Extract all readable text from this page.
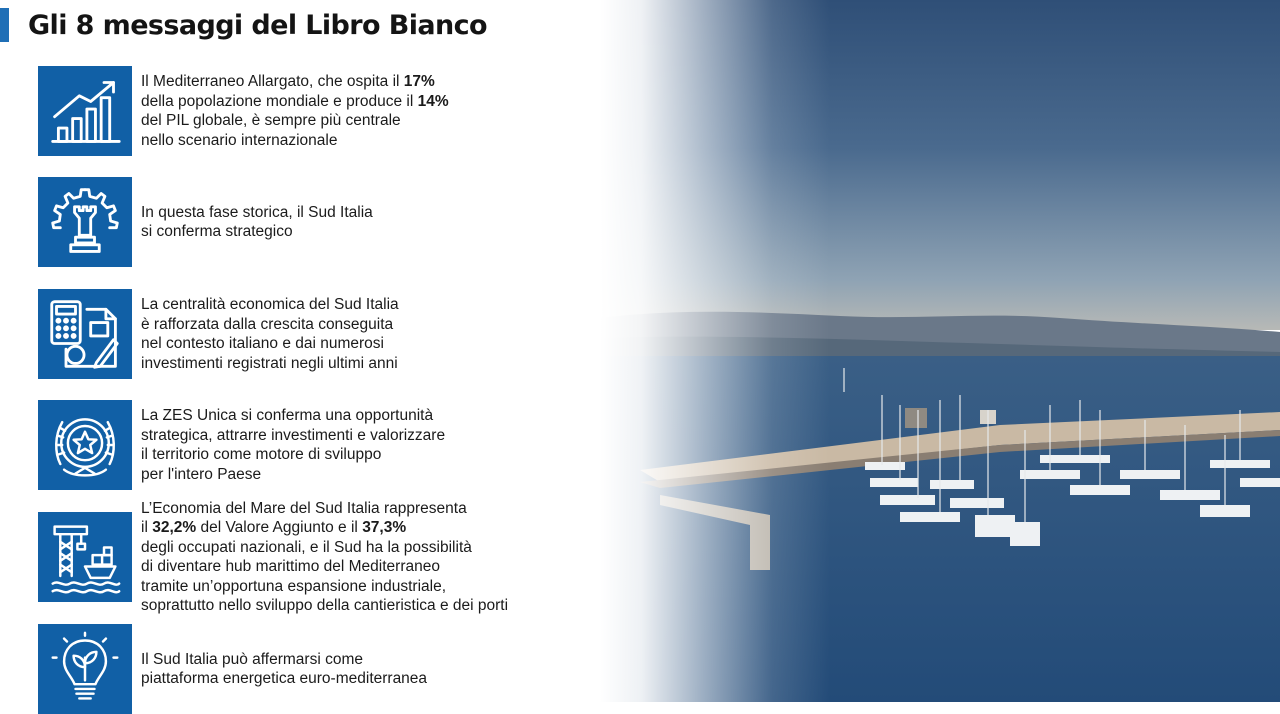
Gli 8 messaggi del Libro Bianco
Il Mediterraneo Allargato, che ospita il 17%
della popolazione mondiale e produce il 14%
del PIL globale, è sempre più centrale
nello scenario internazionale
In questa fase storica, il Sud Italia
si conferma strategico
La centralità economica del Sud Italia
è rafforzata dalla crescita conseguita
nel contesto italiano e dai numerosi
investimenti registrati negli ultimi anni
La ZES Unica si conferma una opportunità
strategica, attrarre investimenti e valorizzare
il territorio come motore di sviluppo
per l'intero Paese
L’Economia del Mare del Sud Italia rappresenta
il 32,2% del Valore Aggiunto e il 37,3%
degli occupati nazionali, e il Sud ha la possibilità
di diventare hub marittimo del Mediterraneo
tramite un’opportuna espansione industriale,
soprattutto nello sviluppo della cantieristica e dei porti
Il Sud Italia può affermarsi come
piattaforma energetica euro-mediterranea
